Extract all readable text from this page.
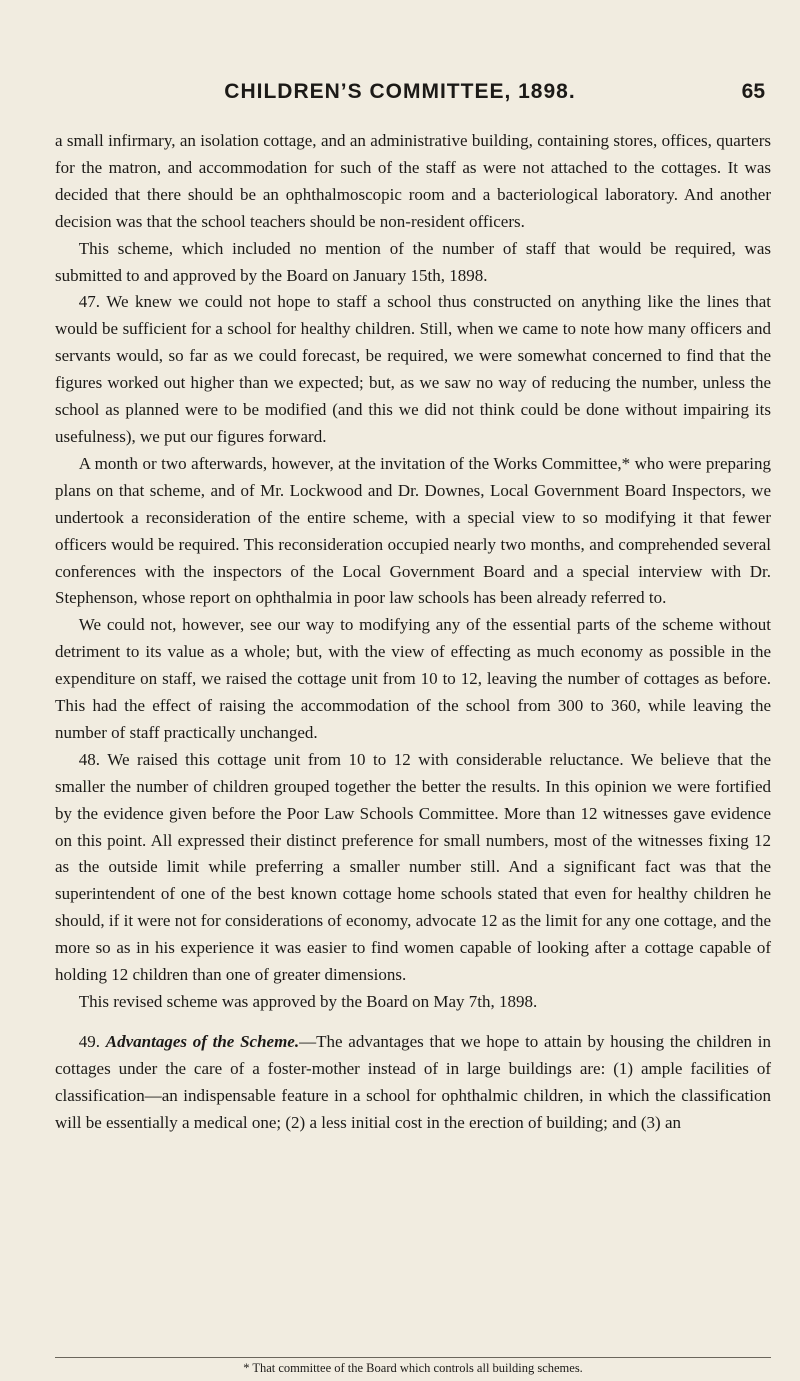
CHILDREN’S COMMITTEE, 1898.	65

a small infirmary, an isolation cottage, and an administrative building, containing stores, offices, quarters for the matron, and accommodation for such of the staff as were not attached to the cottages. It was decided that there should be an ophthalmoscopic room and a bacteriological laboratory. And another decision was that the school teachers should be non-resident officers.

This scheme, which included no mention of the number of staff that would be required, was submitted to and approved by the Board on January 15th, 1898.

47. We knew we could not hope to staff a school thus constructed on anything like the lines that would be sufficient for a school for healthy children. Still, when we came to note how many officers and servants would, so far as we could forecast, be required, we were somewhat concerned to find that the figures worked out higher than we expected; but, as we saw no way of reducing the number, unless the school as planned were to be modified (and this we did not think could be done without impairing its usefulness), we put our figures forward.

A month or two afterwards, however, at the invitation of the Works Committee,* who were preparing plans on that scheme, and of Mr. Lockwood and Dr. Downes, Local Government Board Inspectors, we undertook a reconsideration of the entire scheme, with a special view to so modifying it that fewer officers would be required. This reconsideration occupied nearly two months, and comprehended several conferences with the inspectors of the Local Government Board and a special interview with Dr. Stephenson, whose report on ophthalmia in poor law schools has been already referred to.

We could not, however, see our way to modifying any of the essential parts of the scheme without detriment to its value as a whole; but, with the view of effecting as much economy as possible in the expenditure on staff, we raised the cottage unit from 10 to 12, leaving the number of cottages as before. This had the effect of raising the accommodation of the school from 300 to 360, while leaving the number of staff practically unchanged.

48. We raised this cottage unit from 10 to 12 with considerable reluctance. We believe that the smaller the number of children grouped together the better the results. In this opinion we were fortified by the evidence given before the Poor Law Schools Committee. More than 12 witnesses gave evidence on this point. All expressed their distinct preference for small numbers, most of the witnesses fixing 12 as the outside limit while preferring a smaller number still. And a significant fact was that the superintendent of one of the best known cottage home schools stated that even for healthy children he should, if it were not for considerations of economy, advocate 12 as the limit for any one cottage, and the more so as in his experience it was easier to find women capable of looking after a cottage capable of holding 12 children than one of greater dimensions.

This revised scheme was approved by the Board on May 7th, 1898.

49. Advantages of the Scheme.—The advantages that we hope to attain by housing the children in cottages under the care of a foster-mother instead of in large buildings are: (1) ample facilities of classification—an indispensable feature in a school for ophthalmic children, in which the classification will be essentially a medical one; (2) a less initial cost in the erection of building; and (3) an

* That committee of the Board which controls all building schemes.
